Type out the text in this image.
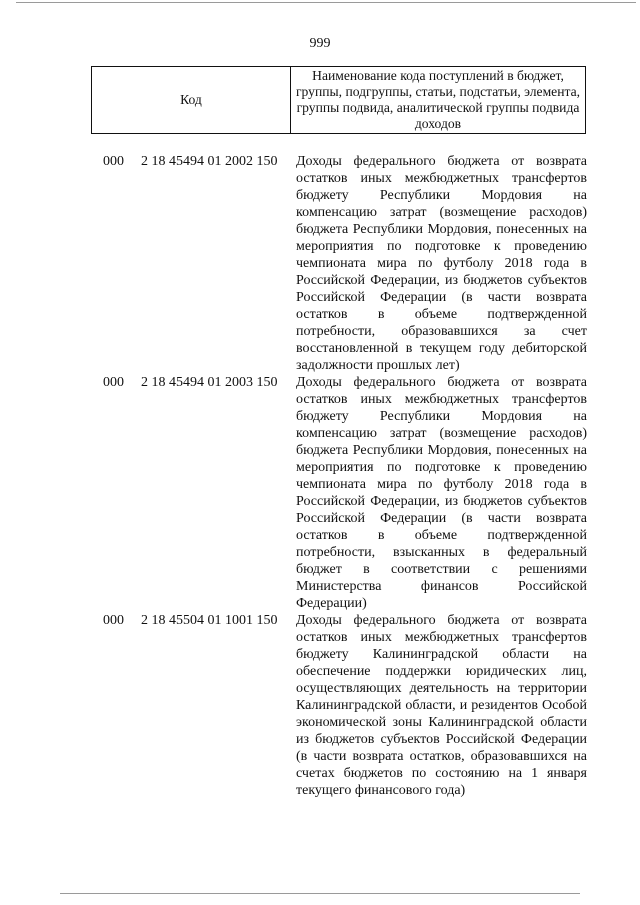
999
Код	Наименование кода поступлений в бюджет, группы, подгруппы, статьи, подстатьи, элемента, группы подвида, аналитической группы подвида доходов
000 2 18 45494 01 2002 150 Доходы федерального бюджета от возврата остатков иных межбюджетных трансфертов бюджету Республики Мордовия на компенсацию затрат (возмещение расходов) бюджета Республики Мордовия, понесенных на мероприятия по подготовке к проведению чемпионата мира по футболу 2018 года в Российской Федерации, из бюджетов субъектов Российской Федерации (в части возврата остатков в объеме подтвержденной потребности, образовавшихся за счет восстановленной в текущем году дебиторской задолжности прошлых лет)
000 2 18 45494 01 2003 150 Доходы федерального бюджета от возврата остатков иных межбюджетных трансфертов бюджету Республики Мордовия на компенсацию затрат (возмещение расходов) бюджета Республики Мордовия, понесенных на мероприятия по подготовке к проведению чемпионата мира по футболу 2018 года в Российской Федерации, из бюджетов субъектов Российской Федерации (в части возврата остатков в объеме подтвержденной потребности, взысканных в федеральный бюджет в соответствии с решениями Министерства финансов Российской Федерации)
000 2 18 45504 01 1001 150 Доходы федерального бюджета от возврата остатков иных межбюджетных трансфертов бюджету Калининградской области на обеспечение поддержки юридических лиц, осуществляющих деятельность на территории Калининградской области, и резидентов Особой экономической зоны Калининградской области из бюджетов субъектов Российской Федерации (в части возврата остатков, образовавшихся на счетах бюджетов по состоянию на 1 января текущего финансового года)
